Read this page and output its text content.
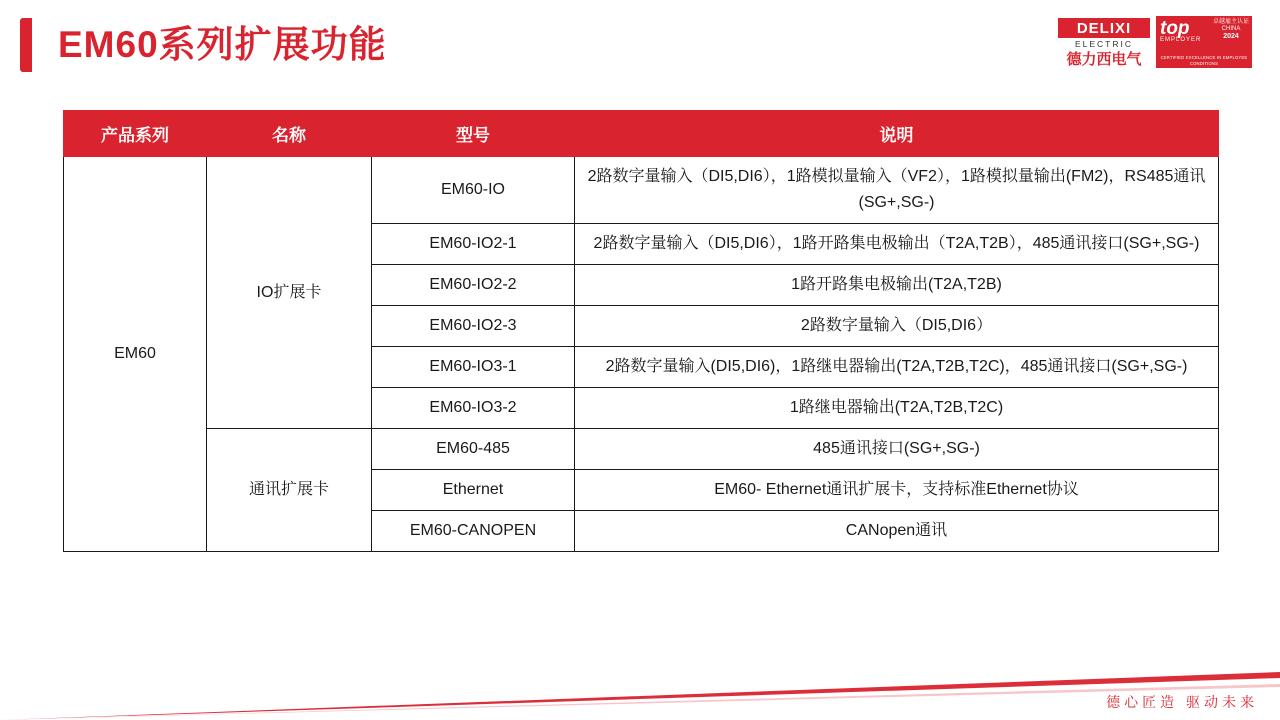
EM60系列扩展功能	DELIXI
ELECTRIC
德力西电气
top
EMPLOYER
卓越雇主认证
CHINA
2024
CERTIFIED EXCELLENCE IN EMPLOYEE CONDITIONS
产品系列	名称	型号	说明
EM60	IO扩展卡	EM60-IO	2路数字量输入（DI5,DI6），1路模拟量输入（VF2），1路模拟量输出(FM2)，RS485通讯(SG+,SG-)
		EM60-IO2-1	2路数字量输入（DI5,DI6），1路开路集电极输出（T2A,T2B），485通讯接口(SG+,SG-)
		EM60-IO2-2	1路开路集电极输出(T2A,T2B)
		EM60-IO2-3	2路数字量输入（DI5,DI6）
		EM60-IO3-1	2路数字量输入(DI5,DI6)，1路继电器输出(T2A,T2B,T2C)，485通讯接口(SG+,SG-)
		EM60-IO3-2	1路继电器输出(T2A,T2B,T2C)
	通讯扩展卡	EM60-485	485通讯接口(SG+,SG-)
		Ethernet	EM60- Ethernet通讯扩展卡，支持标准Ethernet协议
		EM60-CANOPEN	CANopen通讯
德心匠造 驱动未来
